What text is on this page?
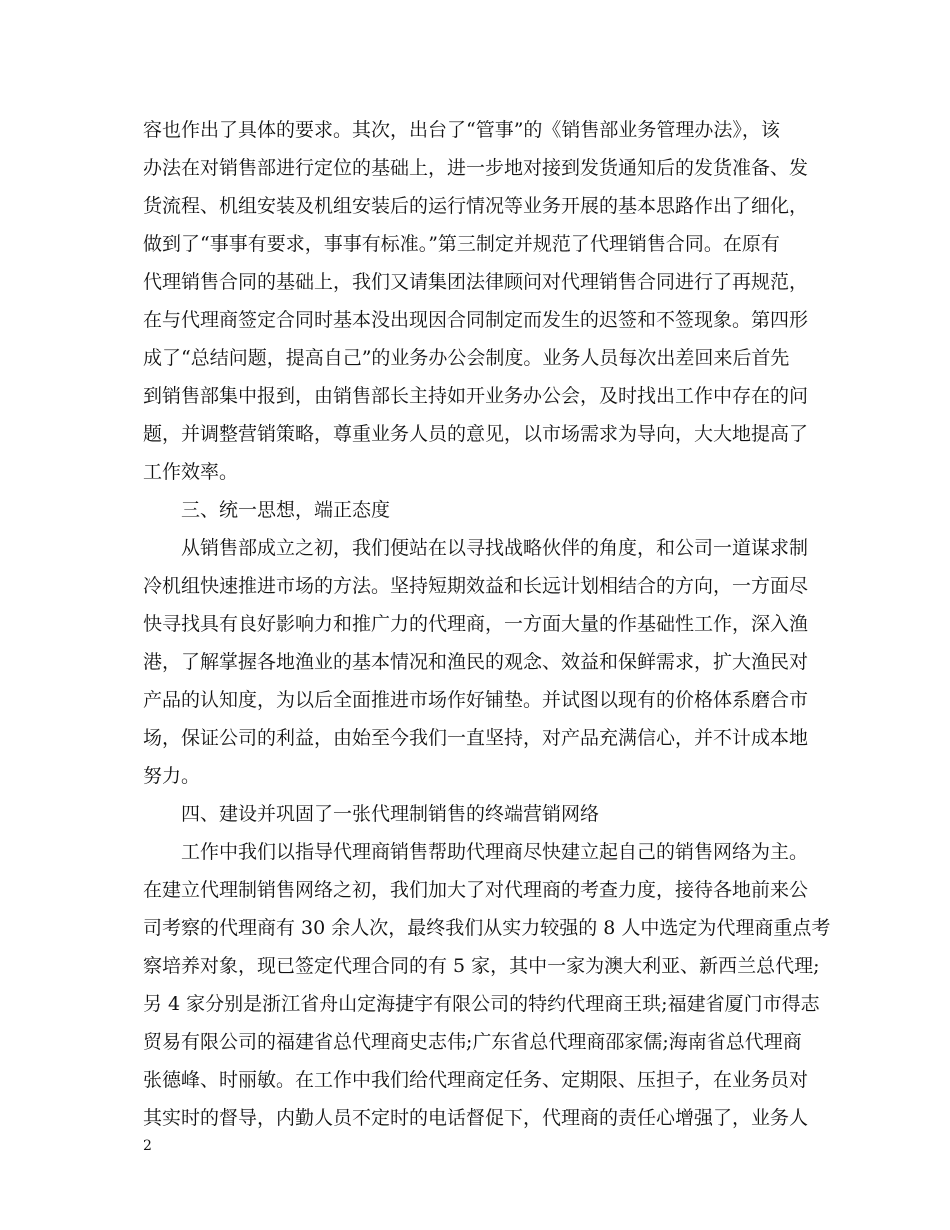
容也作出了具体的要求。其次，出台了“管事”的《销售部业务管理办法》，该
办法在对销售部进行定位的基础上，进一步地对接到发货通知后的发货准备、发
货流程、机组安装及机组安装后的运行情况等业务开展的基本思路作出了细化，
做到了“事事有要求，事事有标准。”第三制定并规范了代理销售合同。在原有
代理销售合同的基础上，我们又请集团法律顾问对代理销售合同进行了再规范，
在与代理商签定合同时基本没出现因合同制定而发生的迟签和不签现象。第四形
成了“总结问题，提高自己”的业务办公会制度。业务人员每次出差回来后首先
到销售部集中报到，由销售部长主持如开业务办公会，及时找出工作中存在的问
题，并调整营销策略，尊重业务人员的意见，以市场需求为导向，大大地提高了
工作效率。
三、统一思想，端正态度
从销售部成立之初，我们便站在以寻找战略伙伴的角度，和公司一道谋求制
冷机组快速推进市场的方法。坚持短期效益和长远计划相结合的方向，一方面尽
快寻找具有良好影响力和推广力的代理商，一方面大量的作基础性工作，深入渔
港，了解掌握各地渔业的基本情况和渔民的观念、效益和保鲜需求，扩大渔民对
产品的认知度，为以后全面推进市场作好铺垫。并试图以现有的价格体系磨合市
场，保证公司的利益，由始至今我们一直坚持，对产品充满信心，并不计成本地
努力。
四、建设并巩固了一张代理制销售的终端营销网络
工作中我们以指导代理商销售帮助代理商尽快建立起自己的销售网络为主。
在建立代理制销售网络之初，我们加大了对代理商的考查力度，接待各地前来公
司考察的代理商有 30 余人次，最终我们从实力较强的 8 人中选定为代理商重点考
察培养对象，现已签定代理合同的有 5 家，其中一家为澳大利亚、新西兰总代理;
另 4 家分别是浙江省舟山定海捷宇有限公司的特约代理商王珙;福建省厦门市得志
贸易有限公司的福建省总代理商史志伟;广东省总代理商邵家儒;海南省总代理商
张德峰、时丽敏。在工作中我们给代理商定任务、定期限、压担子，在业务员对
其实时的督导，内勤人员不定时的电话督促下，代理商的责任心增强了，业务人
2
